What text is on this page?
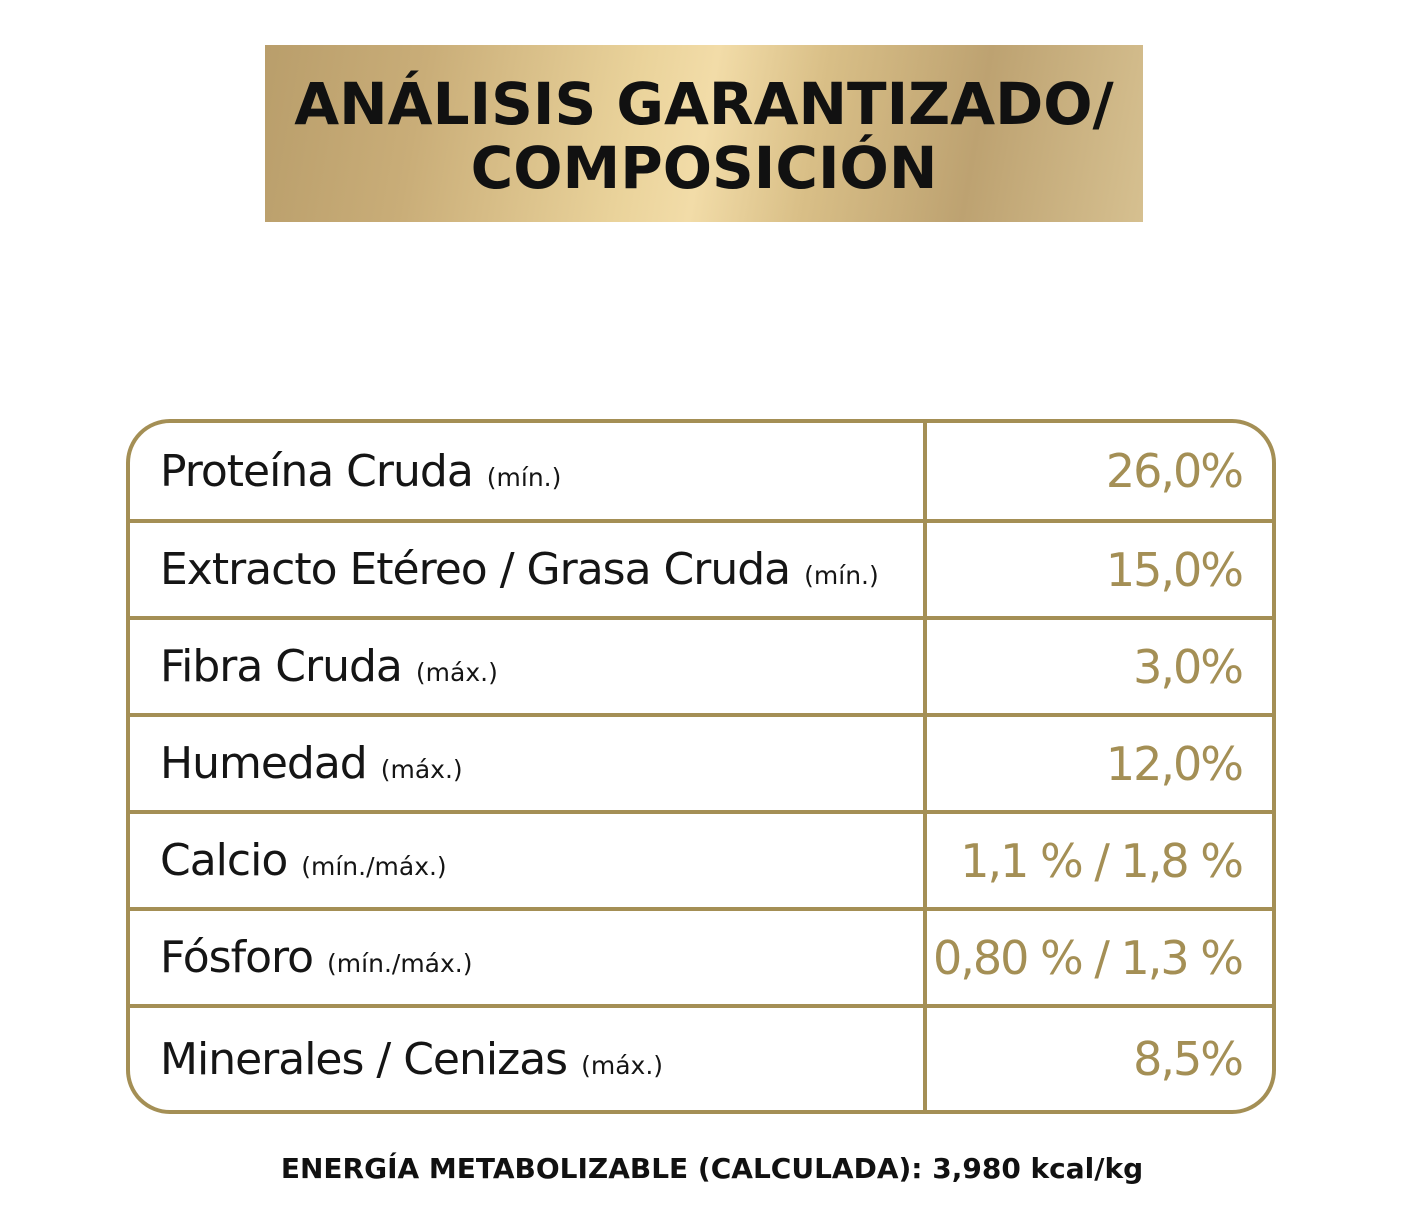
ANÁLISIS GARANTIZADO/
COMPOSICIÓN
Proteína Cruda (mín.)	26,0%
Extracto Etéreo / Grasa Cruda (mín.)	15,0%
Fibra Cruda (máx.)	3,0%
Humedad (máx.)	12,0%
Calcio (mín./máx.)	1,1 % / 1,8 %
Fósforo (mín./máx.)	0,80 % / 1,3 %
Minerales / Cenizas (máx.)	8,5%
ENERGÍA METABOLIZABLE (CALCULADA): 3,980 kcal/kg
